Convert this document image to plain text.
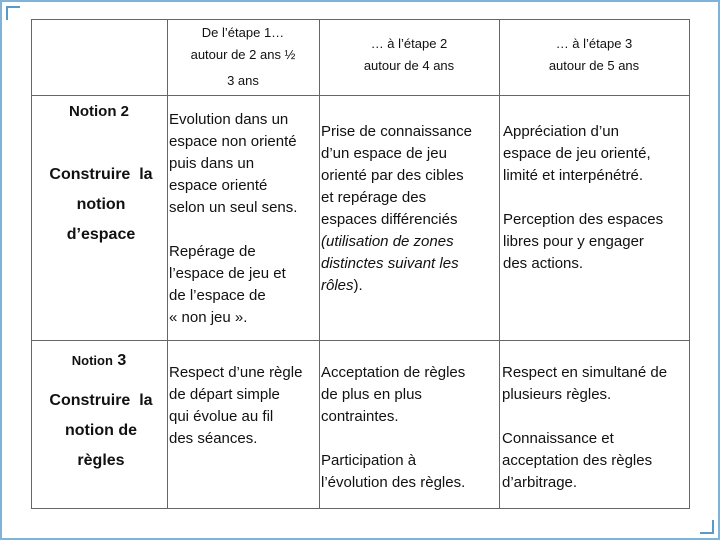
De l’étape 1…
autour de 2 ans ½
3 ans
… à l’étape 2
autour de 4 ans
… à l’étape 3
autour de 5 ans
Notion 2
Construire  la
notion
d’espace
Evolution dans un
espace non orienté
puis dans un
espace orienté
selon un seul sens.
Repérage de
l’espace de jeu et
de l’espace de
« non jeu ».
Prise de connaissance
d’un espace de jeu
orienté par des cibles
et repérage des
espaces différenciés
(utilisation de zones
distinctes suivant les
rôles).
Appréciation d’un
espace de jeu orienté,
limité et interpénétré.
Perception des espaces
libres pour y engager
des actions.
Notion 3
Construire  la
notion de
règles
Respect d’une règle
de départ simple
qui évolue au fil
des séances.
Acceptation de règles
de plus en plus
contraintes.
Participation à
l’évolution des règles.
Respect en simultané de
plusieurs règles.
Connaissance et
acceptation des règles
d’arbitrage.
